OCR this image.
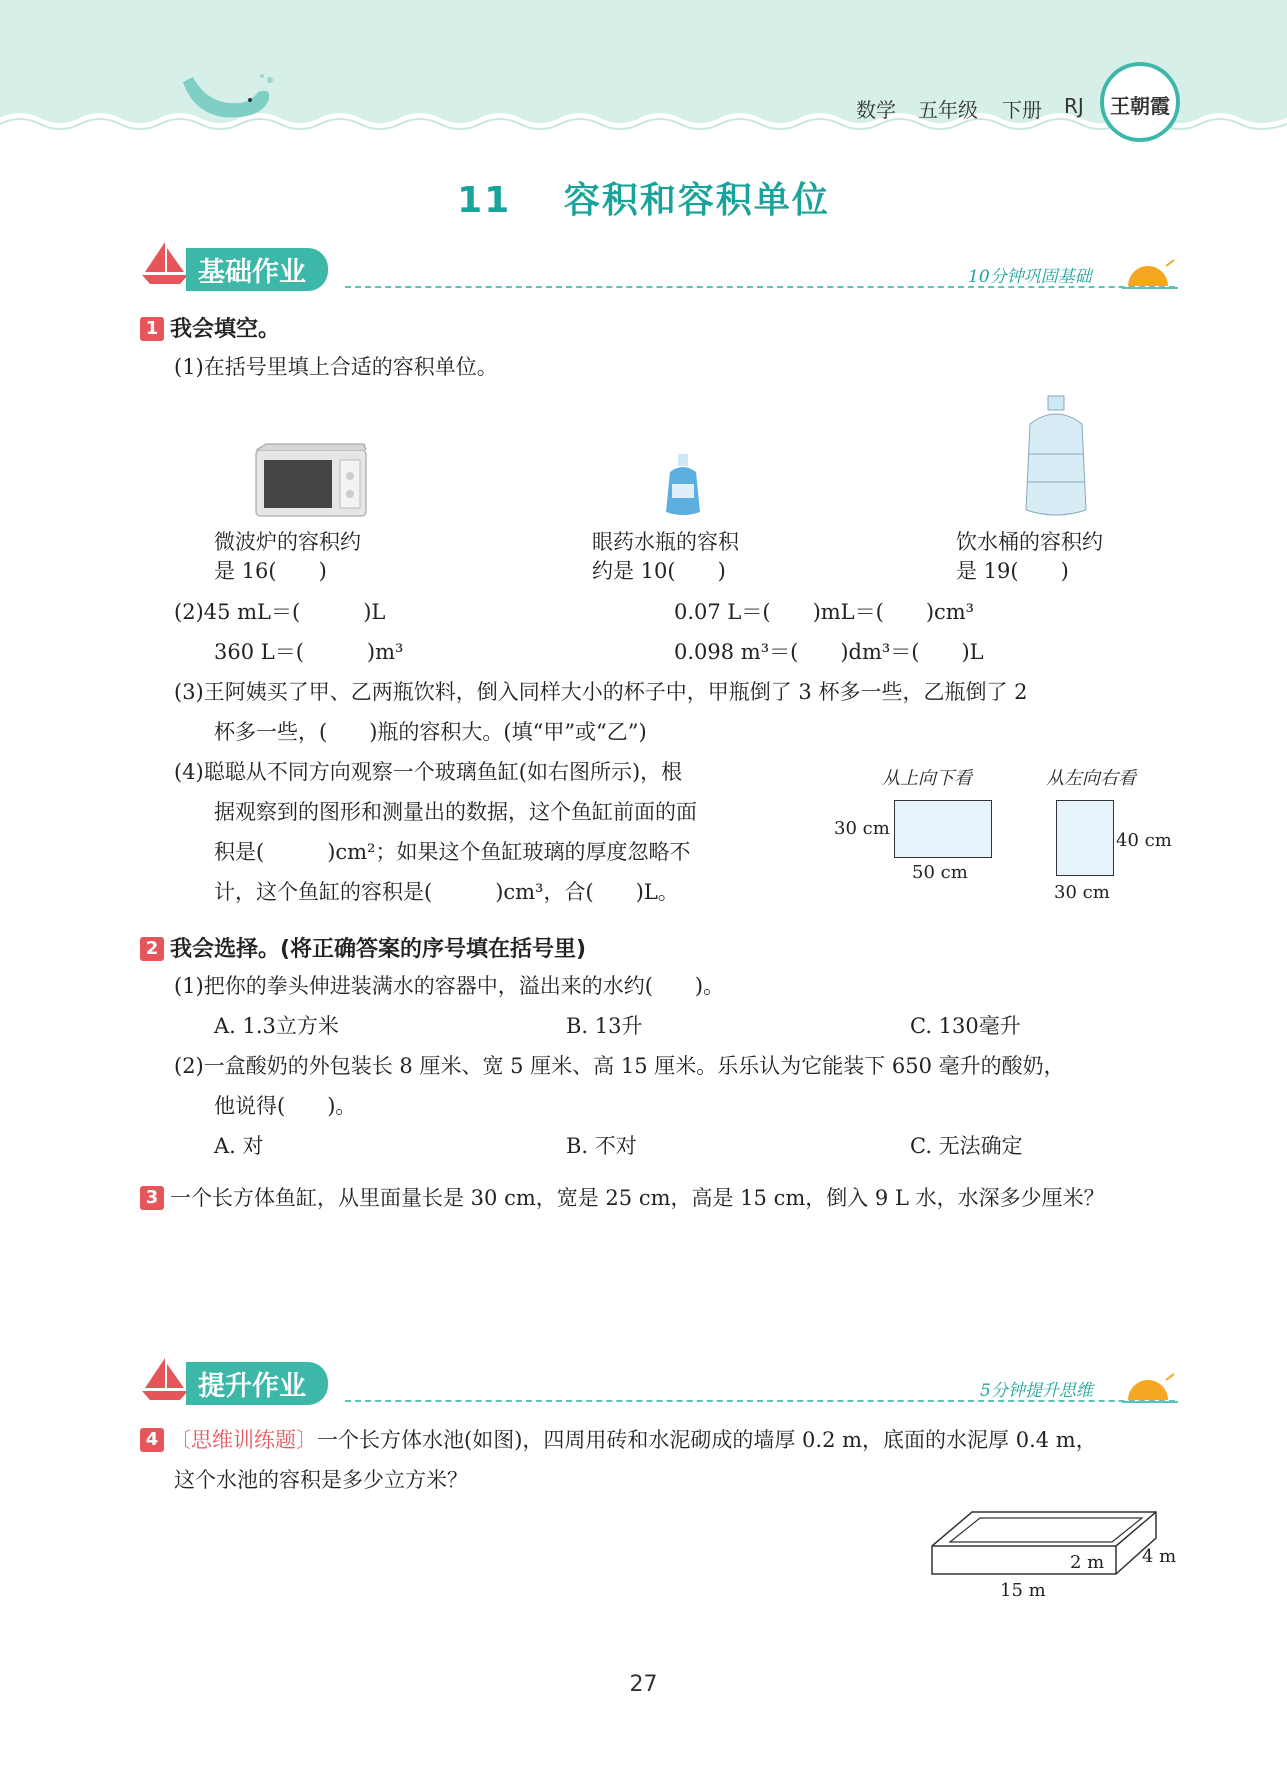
数学 五年级 下册 RJ	王朝霞
11　 容积和容积单位
基础作业	10分钟巩固基础
1 我会填空。
(1)在括号里填上合适的容积单位。
微波炉的容积约
是 16(　　)
眼药水瓶的容积
约是 10(　　)
饮水桶的容积约
是 19(　　)
(2)45 mL＝(　　　)L	0.07 L＝(　　)mL＝(　　)cm³
360 L＝(　　　)m³	0.098 m³＝(　　)dm³＝(　　)L
(3)王阿姨买了甲、乙两瓶饮料，倒入同样大小的杯子中，甲瓶倒了 3 杯多一些，乙瓶倒了 2
杯多一些，(　　)瓶的容积大。(填“甲”或“乙”)
(4)聪聪从不同方向观察一个玻璃鱼缸(如右图所示)，根
据观察到的图形和测量出的数据，这个鱼缸前面的面
积是(　　　)cm²；如果这个鱼缸玻璃的厚度忽略不
计，这个鱼缸的容积是(　　　)cm³，合(　　)L。
从上向下看	从左向右看
30 cm
50 cm
40 cm
30 cm
2 我会选择。(将正确答案的序号填在括号里)
(1)把你的拳头伸进装满水的容器中，溢出来的水约(　　)。
A. 1.3立方米	B. 13升	C. 130毫升
(2)一盒酸奶的外包装长 8 厘米、宽 5 厘米、高 15 厘米。乐乐认为它能装下 650 毫升的酸奶，
他说得(　　)。
A. 对	B. 不对	C. 无法确定
3 一个长方体鱼缸，从里面量长是 30 cm，宽是 25 cm，高是 15 cm，倒入 9 L 水，水深多少厘米？
提升作业	5分钟提升思维
4 〔思维训练题〕一个长方体水池(如图)，四周用砖和水泥砌成的墙厚 0.2 m，底面的水泥厚 0.4 m，
这个水池的容积是多少立方米？
2 m 4 m
15 m
27
